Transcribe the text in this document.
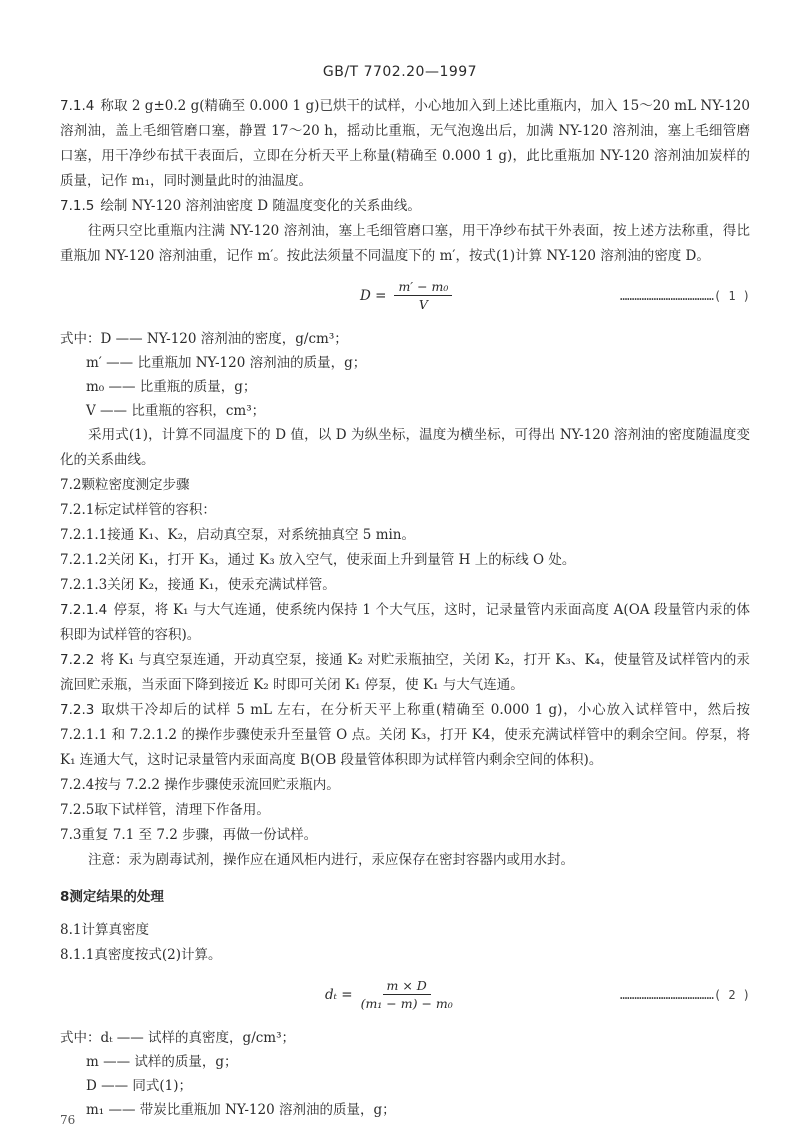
GB/T 7702.20—1997

7.1.4 称取 2 g±0.2 g(精确至 0.000 1 g)已烘干的试样，小心地加入到上述比重瓶内，加入 15～20 mL NY-120 溶剂油，盖上毛细管磨口塞，静置 17～20 h，摇动比重瓶，无气泡逸出后，加满 NY-120 溶剂油，塞上毛细管磨口塞，用干净纱布拭干表面后，立即在分析天平上称量(精确至 0.000 1 g)，此比重瓶加 NY-120 溶剂油加炭样的质量，记作 m₁，同时测量此时的油温度。

7.1.5 绘制 NY-120 溶剂油密度 D 随温度变化的关系曲线。

往两只空比重瓶内注满 NY-120 溶剂油，塞上毛细管磨口塞，用干净纱布拭干外表面，按上述方法称重，得比重瓶加 NY-120 溶剂油重，记作 m′。按此法须量不同温度下的 m′，按式(1)计算 NY-120 溶剂油的密度 D。

$D = \frac{\text{m′ − m₀}}{V}$	…………………………………( 1 )

式中：D —— NY-120 溶剂油的密度，g/cm³；

m′ —— 比重瓶加 NY-120 溶剂油的质量，g；

m₀ —— 比重瓶的质量，g；

V —— 比重瓶的容积，cm³；

采用式(1)，计算不同温度下的 D 值，以 D 为纵坐标，温度为横坐标，可得出 NY-120 溶剂油的密度随温度变化的关系曲线。

7.2颗粒密度测定步骤

7.2.1标定试样管的容积：

7.2.1.1接通 K₁、K₂，启动真空泵，对系统抽真空 5 min。

7.2.1.2关闭 K₁，打开 K₃，通过 K₃ 放入空气，使汞面上升到量管 H 上的标线 O 处。

7.2.1.3关闭 K₂，接通 K₁，使汞充满试样管。

7.2.1.4 停泵，将 K₁ 与大气连通，使系统内保持 1 个大气压，这时，记录量管内汞面高度 A(OA 段量管内汞的体积即为试样管的容积)。

7.2.2 将 K₁ 与真空泵连通，开动真空泵，接通 K₂ 对贮汞瓶抽空，关闭 K₂，打开 K₃、K₄，使量管及试样管内的汞流回贮汞瓶，当汞面下降到接近 K₂ 时即可关闭 K₁ 停泵，使 K₁ 与大气连通。

7.2.3 取烘干冷却后的试样 5 mL 左右，在分析天平上称重(精确至 0.000 1 g)，小心放入试样管中，然后按 7.2.1.1 和 7.2.1.2 的操作步骤使汞升至量管 O 点。关闭 K₃，打开 K4，使汞充满试样管中的剩余空间。停泵，将 K₁ 连通大气，这时记录量管内汞面高度 B(OB 段量管体积即为试样管内剩余空间的体积)。

7.2.4按与 7.2.2 操作步骤使汞流回贮汞瓶内。

7.2.5取下试样管，清理下作备用。

7.3重复 7.1 至 7.2 步骤，再做一份试样。

注意：汞为剧毒试剂，操作应在通风柜内进行，汞应保存在密封容器内或用水封。

8测定结果的处理

8.1计算真密度

8.1.1真密度按式(2)计算。

$d_t = \frac{m \times D}{\text{(m₁ − m) − m₀}}$	…………………………………( 2 )

式中：dₜ —— 试样的真密度，g/cm³；

m —— 试样的质量，g；

D —— 同式(1)；

m₁ —— 带炭比重瓶加 NY-120 溶剂油的质量，g；

76
